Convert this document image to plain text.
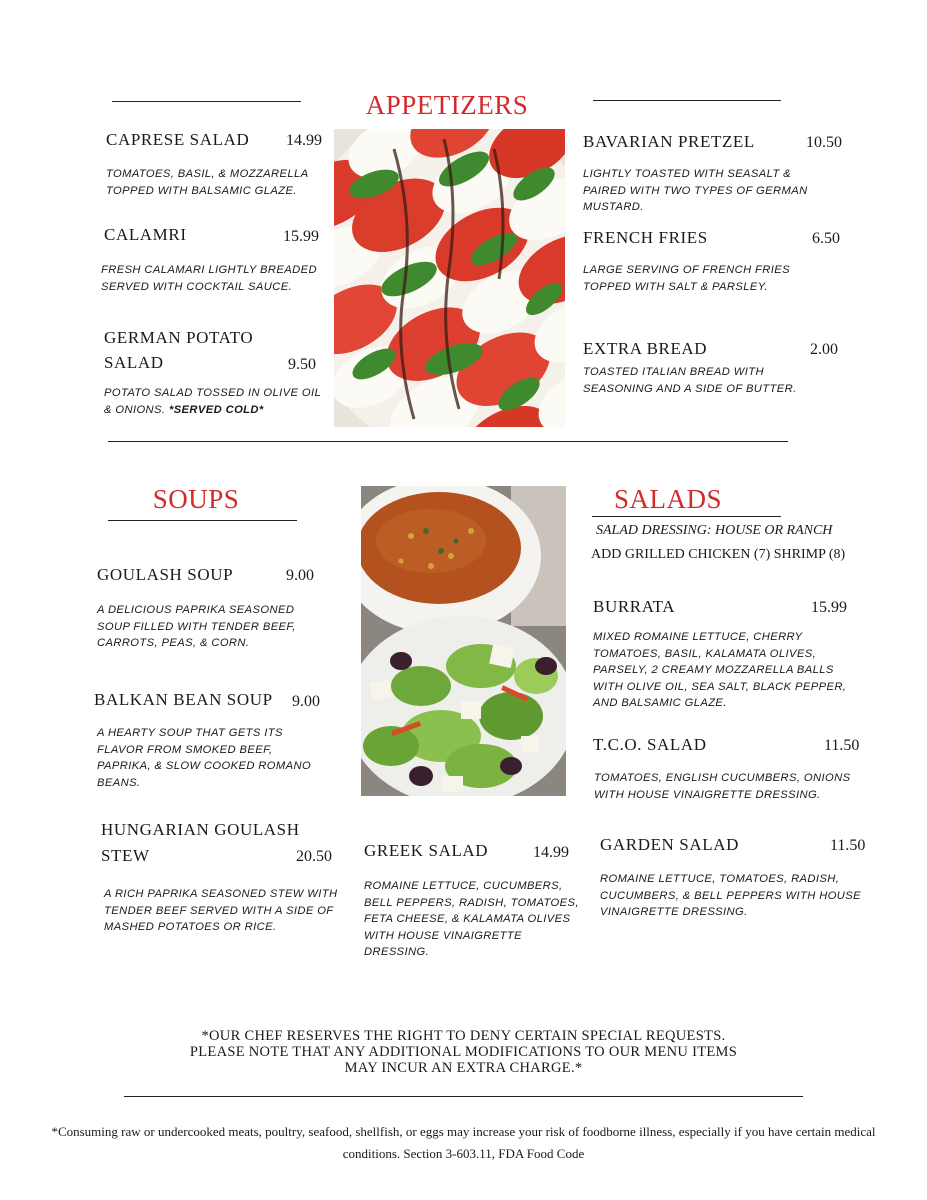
APPETIZERS
CAPRESE SALAD 14.99
TOMATOES, BASIL, & MOZZARELLA TOPPED WITH BALSAMIC GLAZE.
CALAMRI	15.99
FRESH CALAMARI LIGHTLY BREADED SERVED WITH COCKTAIL SAUCE.
GERMAN POTATO
SALAD	9.50
POTATO SALAD TOSSED IN OLIVE OIL & ONIONS. *SERVED COLD*
BAVARIAN PRETZEL	10.50
LIGHTLY TOASTED WITH SEASALT & PAIRED WITH TWO TYPES OF GERMAN MUSTARD.
FRENCH FRIES	6.50
LARGE SERVING OF FRENCH FRIES TOPPED WITH SALT & PARSLEY.
EXTRA BREAD	2.00
TOASTED ITALIAN BREAD WITH SEASONING AND A SIDE OF BUTTER.
SOUPS
GOULASH SOUP	9.00
A DELICIOUS PAPRIKA SEASONED SOUP FILLED WITH TENDER BEEF, CARROTS, PEAS, & CORN.
BALKAN BEAN SOUP 9.00
A HEARTY SOUP THAT GETS ITS FLAVOR FROM SMOKED BEEF, PAPRIKA, & SLOW COOKED ROMANO BEANS.
HUNGARIAN GOULASH
STEW	20.50
A RICH PAPRIKA SEASONED STEW WITH TENDER BEEF SERVED WITH A SIDE OF MASHED POTATOES OR RICE.
SALADS
SALAD DRESSING: HOUSE OR RANCH
ADD GRILLED CHICKEN (7) SHRIMP (8)
BURRATA	15.99
MIXED ROMAINE LETTUCE, CHERRY TOMATOES, BASIL, KALAMATA OLIVES, PARSELY, 2 CREAMY MOZZARELLA BALLS WITH OLIVE OIL, SEA SALT, BLACK PEPPER, AND BALSAMIC GLAZE.
T.C.O. SALAD	11.50
TOMATOES, ENGLISH CUCUMBERS, ONIONS WITH HOUSE VINAIGRETTE DRESSING.
GARDEN SALAD	11.50
ROMAINE LETTUCE, TOMATOES, RADISH, CUCUMBERS, & BELL PEPPERS WITH HOUSE VINAIGRETTE DRESSING.
GREEK SALAD	14.99
ROMAINE LETTUCE, CUCUMBERS, BELL PEPPERS, RADISH, TOMATOES, FETA CHEESE, & KALAMATA OLIVES WITH HOUSE VINAIGRETTE DRESSING.
*OUR CHEF RESERVES THE RIGHT TO DENY CERTAIN SPECIAL REQUESTS.
PLEASE NOTE THAT ANY ADDITIONAL MODIFICATIONS TO OUR MENU ITEMS
MAY INCUR AN EXTRA CHARGE.*
*Consuming raw or undercooked meats, poultry, seafood, shellfish, or eggs may increase your risk of foodborne illness, especially if you have certain medical conditions. Section 3-603.11, FDA Food Code
